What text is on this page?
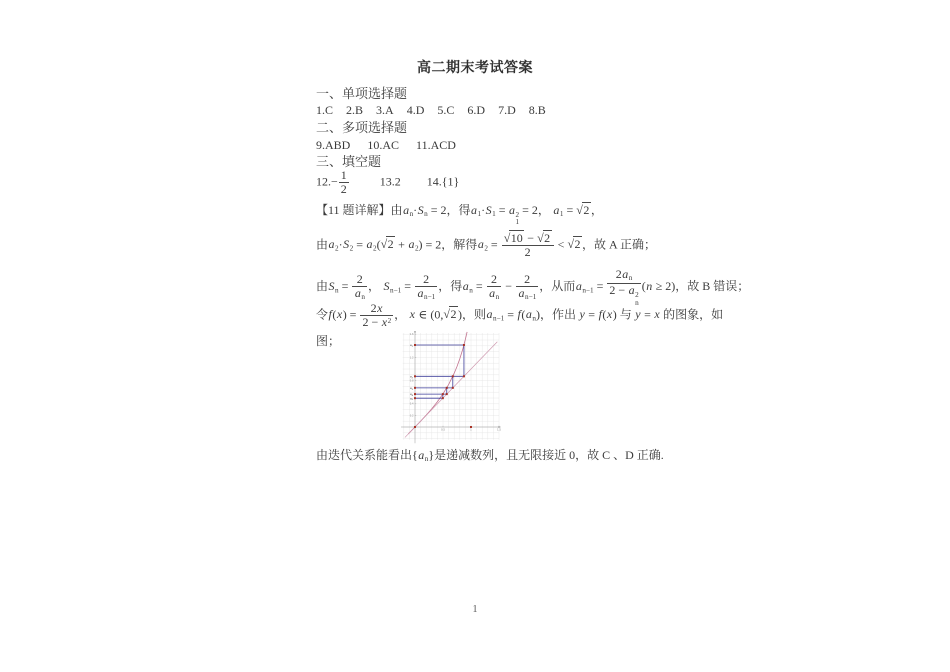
高二期末考试答案
一、单项选择题
1.C 2.B 3.A 4.D 5.C 6.D 7.D 8.B
二、多项选择题
9.ABD 10.AC 11.ACD
三、填空题
$12.- \frac{1}{2}$	13.2 14.{1}
【11 题详解】由$a_n\cdot S_n = 2$，得$a_1\cdot S_1 = a$ 2
1
= 2， $a_1 = √2$ ，
由$a_2\cdot S_2 = a_2(√2 + a_2) = 2$，解得$a_2 = \frac{√10 - √2}{2} < √2$ ，故 A 正确；
由$S_n = \frac{2}{a_n}$ ， $S_{n-1} = \frac{2}{a_{n-1}}$ ，得$a_n = \frac{2}{a_n} - \frac{2}{a_{n-1}}$ ，从而$a_{n-1} = 2a_n$
2 − a 2
n (n ≥ 2)，故 B 错误；
令$f(x) = \frac{2x}{2 - x^2}$ ， x ∈ (0,√2 )，则$a_{n-1} = f(a_n)$，作出 y = f(x) 与 y = x 的图象，如
图；
0.5	1	1.5
0.2
0.4
0.8
1.2
1.6
$a_1$
$a_2$
$a_3$
$a_4$
$a_5$
由迭代关系能看出$\{a_n\}$是递减数列，且无限接近 0，故 C 、D 正确.
1
